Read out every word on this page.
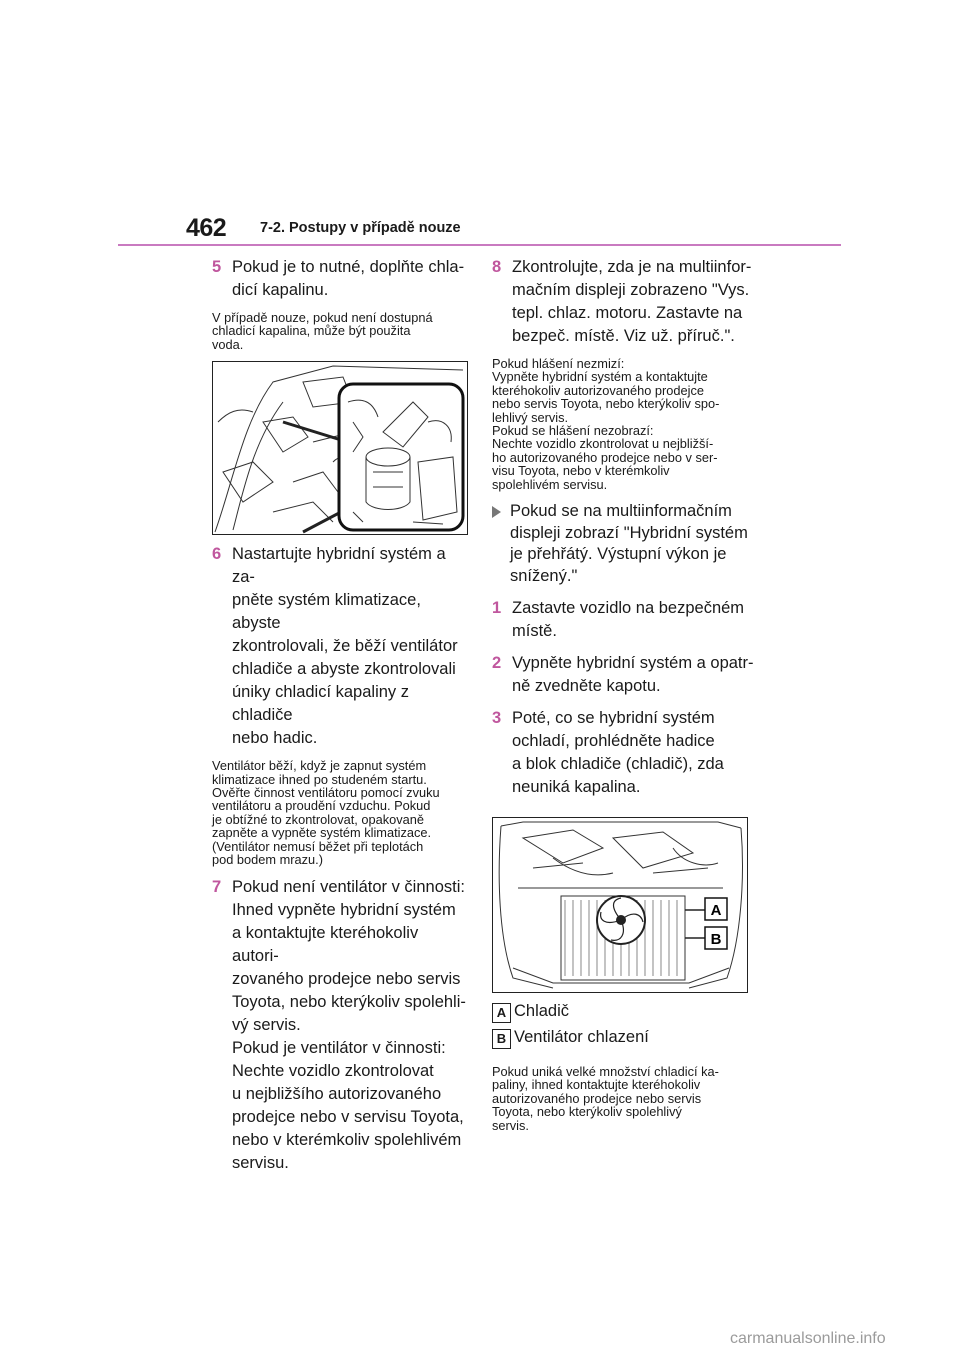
462 7-2. Postupy v případě nouze
5 Pokud je to nutné, doplňte chla-
dicí kapalinu.
V případě nouze, pokud není dostupná
chladicí kapalina, může být použita
voda.
6 Nastartujte hybridní systém a za-
pněte systém klimatizace, abyste
zkontrolovali, že běží ventilátor
chladiče a abyste zkontrolovali
úniky chladicí kapaliny z chladiče
nebo hadic.
Ventilátor běží, když je zapnut systém
klimatizace ihned po studeném startu.
Ověřte činnost ventilátoru pomocí zvuku
ventilátoru a proudění vzduchu. Pokud
je obtížné to zkontrolovat, opakovaně
zapněte a vypněte systém klimatizace.
(Ventilátor nemusí běžet při teplotách
pod bodem mrazu.)
7 Pokud není ventilátor v činnosti:
Ihned vypněte hybridní systém
a kontaktujte kteréhokoliv autori-
zovaného prodejce nebo servis
Toyota, nebo kterýkoliv spolehli-
vý servis.
Pokud je ventilátor v činnosti:
Nechte vozidlo zkontrolovat
u nejbližšího autorizovaného
prodejce nebo v servisu Toyota,
nebo v kterémkoliv spolehlivém
servisu.
8 Zkontrolujte, zda je na multiinfor-
mačním displeji zobrazeno "Vys.
tepl. chlaz. motoru. Zastavte na
bezpeč. místě. Viz už. příruč.".
Pokud hlášení nezmizí:
Vypněte hybridní systém a kontaktujte
kteréhokoliv autorizovaného prodejce
nebo servis Toyota, nebo kterýkoliv spo-
lehlivý servis.
Pokud se hlášení nezobrazí:
Nechte vozidlo zkontrolovat u nejbližší-
ho autorizovaného prodejce nebo v ser-
visu Toyota, nebo v kterémkoliv
spolehlivém servisu.
Pokud se na multiinformačním
displeji zobrazí "Hybridní systém
je přehřátý. Výstupní výkon je
snížený."
1 Zastavte vozidlo na bezpečném
místě.
2 Vypněte hybridní systém a opatr-
ně zvedněte kapotu.
3 Poté, co se hybridní systém
ochladí, prohlédněte hadice
a blok chladiče (chladič), zda
neuniká kapalina.
A
B
A Chladič
B Ventilátor chlazení
Pokud uniká velké množství chladicí ka-
paliny, ihned kontaktujte kteréhokoliv
autorizovaného prodejce nebo servis
Toyota, nebo kterýkoliv spolehlivý
servis.
carmanualsonline.info
